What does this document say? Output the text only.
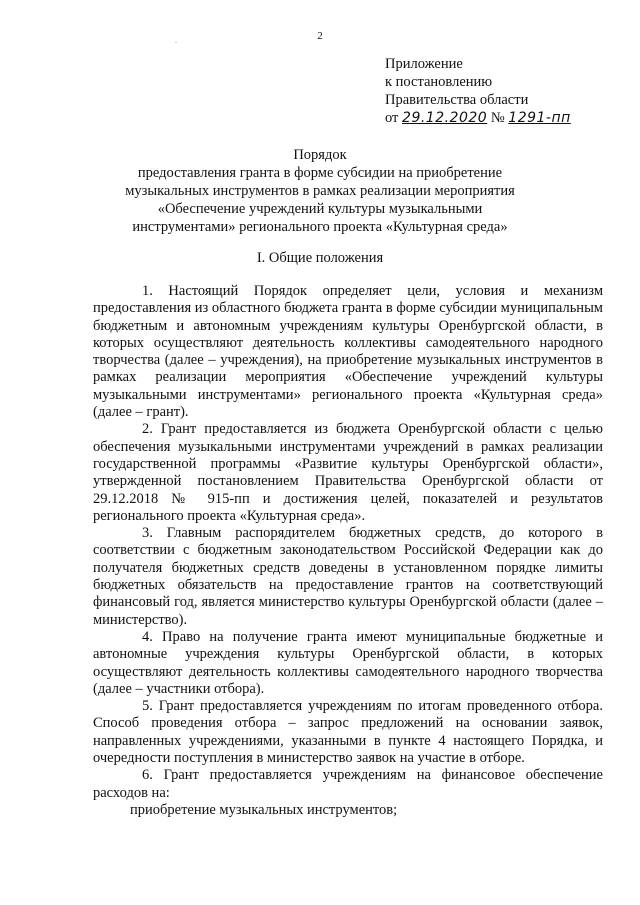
2
.
Приложение
к постановлению
Правительства области
от 29.12.2020 № 1291-пп
Порядок
предоставления гранта в форме субсидии на приобретение
музыкальных инструментов в рамках реализации мероприятия
«Обеспечение учреждений культуры музыкальными
инструментами» регионального проекта «Культурная среда»
I. Общие положения

1. Настоящий Порядок определяет цели, условия и механизм предоставления из областного бюджета гранта в форме субсидии муниципальным бюджетным и автономным учреждениям культуры Оренбургской области, в которых осуществляют деятельность коллективы самодеятельного народного творчества (далее – учреждения), на приобретение музыкальных инструментов в рамках реализации мероприятия «Обеспечение учреждений культуры музыкальными инструментами» регионального проекта «Культурная среда» (далее – грант).

2. Грант предоставляется из бюджета Оренбургской области с целью обеспечения музыкальными инструментами учреждений в рамках реализации государственной программы «Развитие культуры Оренбургской области», утвержденной постановлением Правительства Оренбургской области от 29.12.2018 № 915-пп и достижения целей, показателей и результатов регионального проекта «Культурная среда».

3. Главным распорядителем бюджетных средств, до которого в соответствии с бюджетным законодательством Российской Федерации как до получателя бюджетных средств доведены в установленном порядке лимиты бюджетных обязательств на предоставление грантов на соответствующий финансовый год, является министерство культуры Оренбургской области (далее – министерство).

4. Право на получение гранта имеют муниципальные бюджетные и автономные учреждения культуры Оренбургской области, в которых осуществляют деятельность коллективы самодеятельного народного творчества (далее – участники отбора).

5. Грант предоставляется учреждениям по итогам проведенного отбора. Способ проведения отбора – запрос предложений на основании заявок, направленных учреждениями, указанными в пункте 4 настоящего Порядка, и очередности поступления в министерство заявок на участие в отборе.

6. Грант предоставляется учреждениям на финансовое обеспечение расходов на:

приобретение музыкальных инструментов;
